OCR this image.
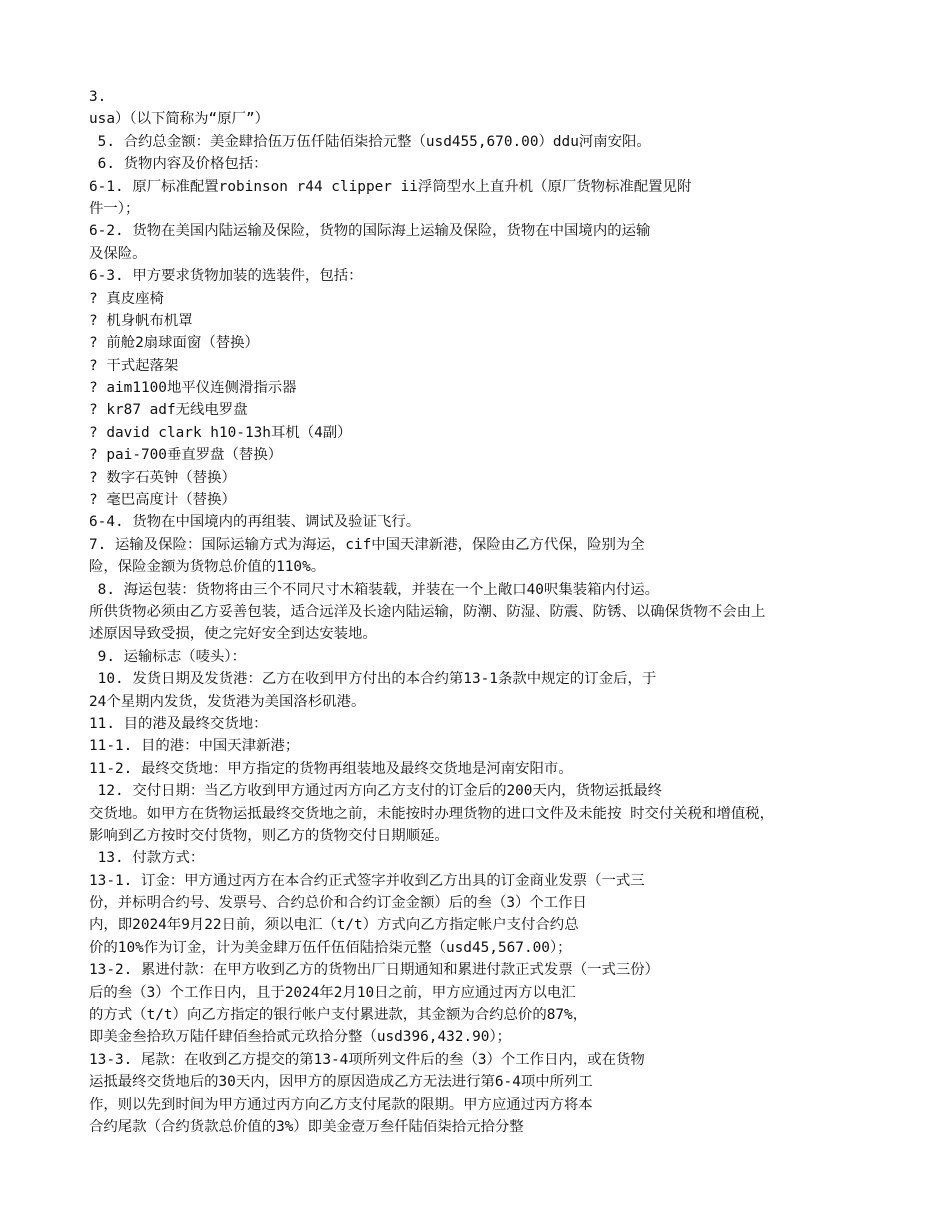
3.
usa）（以下简称为“原厂”）
5. 合约总金额：美金肆拾伍万伍仟陆佰柒拾元整（usd455,670.00）ddu河南安阳。
6. 货物内容及价格包括：
6-1. 原厂标准配置robinson r44 clipper ii浮筒型水上直升机（原厂货物标准配置见附
件一）；
6-2. 货物在美国内陆运输及保险，货物的国际海上运输及保险，货物在中国境内的运输
及保险。
6-3. 甲方要求货物加装的选装件，包括：
? 真皮座椅
? 机身帆布机罩
? 前舱2扇球面窗（替换）
? 干式起落架
? aim1100地平仪连侧滑指示器
? kr87 adf无线电罗盘
? david clark h10-13h耳机（4副）
? pai-700垂直罗盘（替换）
? 数字石英钟（替换）
? 毫巴高度计（替换）
6-4. 货物在中国境内的再组装、调试及验证飞行。
7. 运输及保险：国际运输方式为海运，cif中国天津新港，保险由乙方代保，险别为全
险，保险金额为货物总价值的110%。
8. 海运包装：货物将由三个不同尺寸木箱装载，并装在一个上敞口40呎集装箱内付运。
所供货物必须由乙方妥善包装，适合远洋及长途内陆运输，防潮、防湿、防震、防锈、以确保货物不会由上
述原因导致受损，使之完好安全到达安装地。
9. 运输标志（唛头）：
10. 发货日期及发货港：乙方在收到甲方付出的本合约第13-1条款中规定的订金后，于
24个星期内发货，发货港为美国洛杉矶港。
11. 目的港及最终交货地：
11-1. 目的港：中国天津新港；
11-2. 最终交货地：甲方指定的货物再组装地及最终交货地是河南安阳市。
12. 交付日期：当乙方收到甲方通过丙方向乙方支付的订金后的200天内，货物运抵最终
交货地。如甲方在货物运抵最终交货地之前，未能按时办理货物的进口文件及未能按 时交付关税和增值税，
影响到乙方按时交付货物，则乙方的货物交付日期顺延。
13. 付款方式：
13-1. 订金：甲方通过丙方在本合约正式签字并收到乙方出具的订金商业发票（一式三
份，并标明合约号、发票号、合约总价和合约订金金额）后的叁（3）个工作日
内，即2024年9月22日前，须以电汇（t/t）方式向乙方指定帐户支付合约总
价的10%作为订金，计为美金肆万伍仟伍佰陆拾柒元整（usd45,567.00）；
13-2. 累进付款：在甲方收到乙方的货物出厂日期通知和累进付款正式发票（一式三份）
后的叁（3）个工作日内，且于2024年2月10日之前，甲方应通过丙方以电汇
的方式（t/t）向乙方指定的银行帐户支付累进款，其金额为合约总价的87%，
即美金叁拾玖万陆仟肆佰叁拾贰元玖拾分整（usd396,432.90）；
13-3. 尾款：在收到乙方提交的第13-4项所列文件后的叁（3）个工作日内，或在货物
运抵最终交货地后的30天内，因甲方的原因造成乙方无法进行第6-4项中所列工
作，则以先到时间为甲方通过丙方向乙方支付尾款的限期。甲方应通过丙方将本
合约尾款（合约货款总价值的3%）即美金壹万叁仟陆佰柒拾元拾分整
